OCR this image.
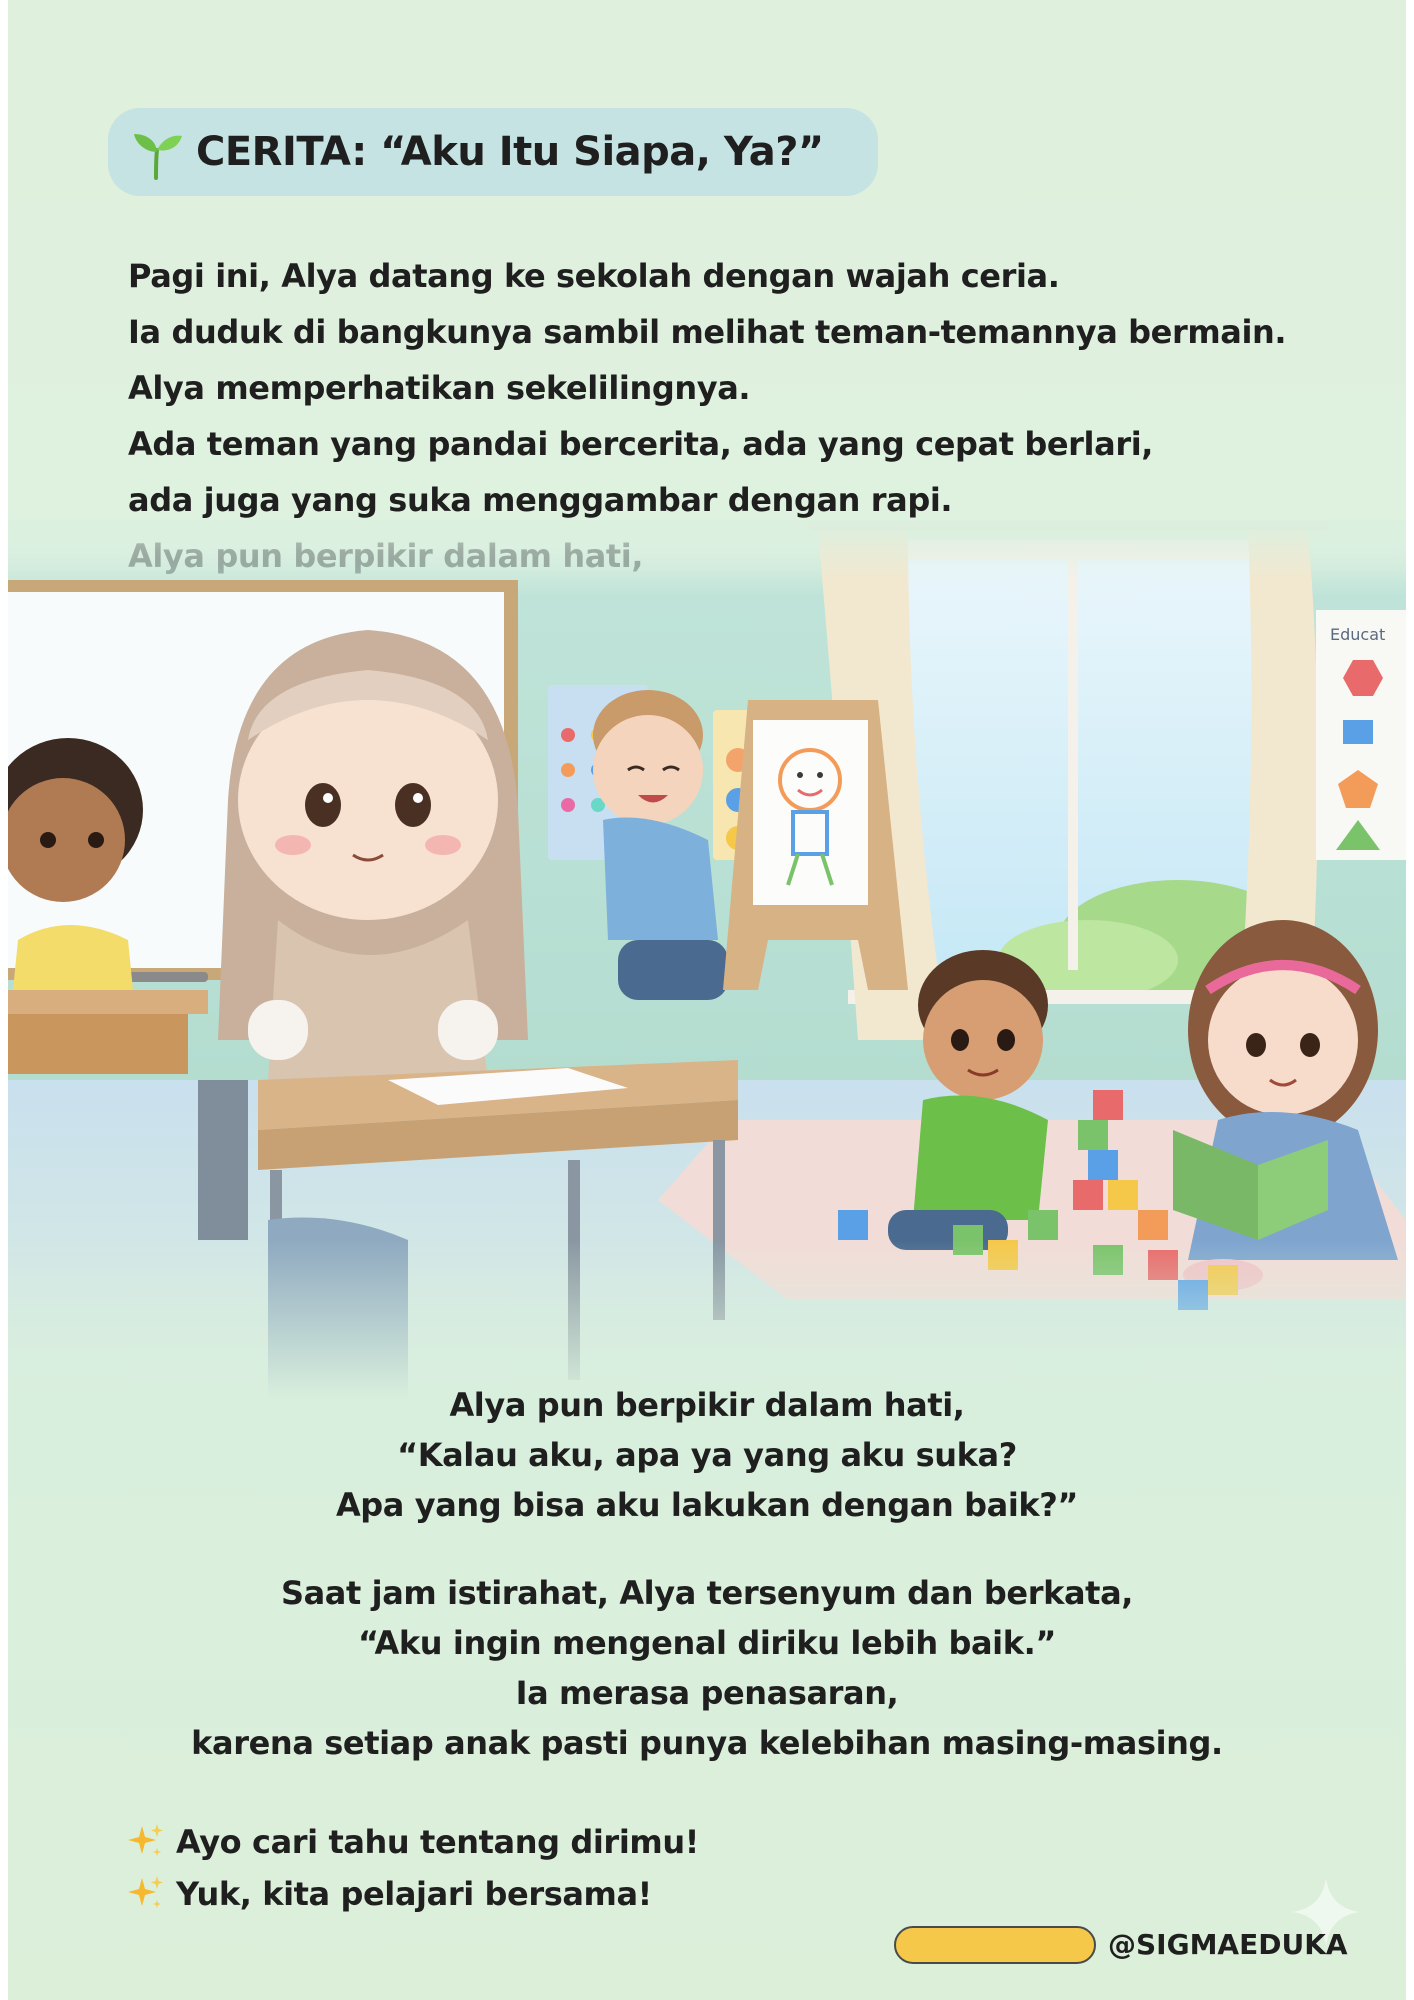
CERITA: “Aku Itu Siapa, Ya?”
Pagi ini, Alya datang ke sekolah dengan wajah ceria.
Ia duduk di bangkunya sambil melihat teman-temannya bermain.
Alya memperhatikan sekelilingnya.
Ada teman yang pandai bercerita, ada yang cepat berlari,
ada juga yang suka menggambar dengan rapi.
Educat
Alya pun berpikir dalam hati,
“Kalau aku, apa ya yang aku suka?
Apa yang bisa aku lakukan dengan baik?”
Saat jam istirahat, Alya tersenyum dan berkata,
“Aku ingin mengenal diriku lebih baik.”
Ia merasa penasaran,
karena setiap anak pasti punya kelebihan masing-masing.
Ayo cari tahu tentang dirimu!
Yuk, kita pelajari bersama!
@SIGMAEDUKA
